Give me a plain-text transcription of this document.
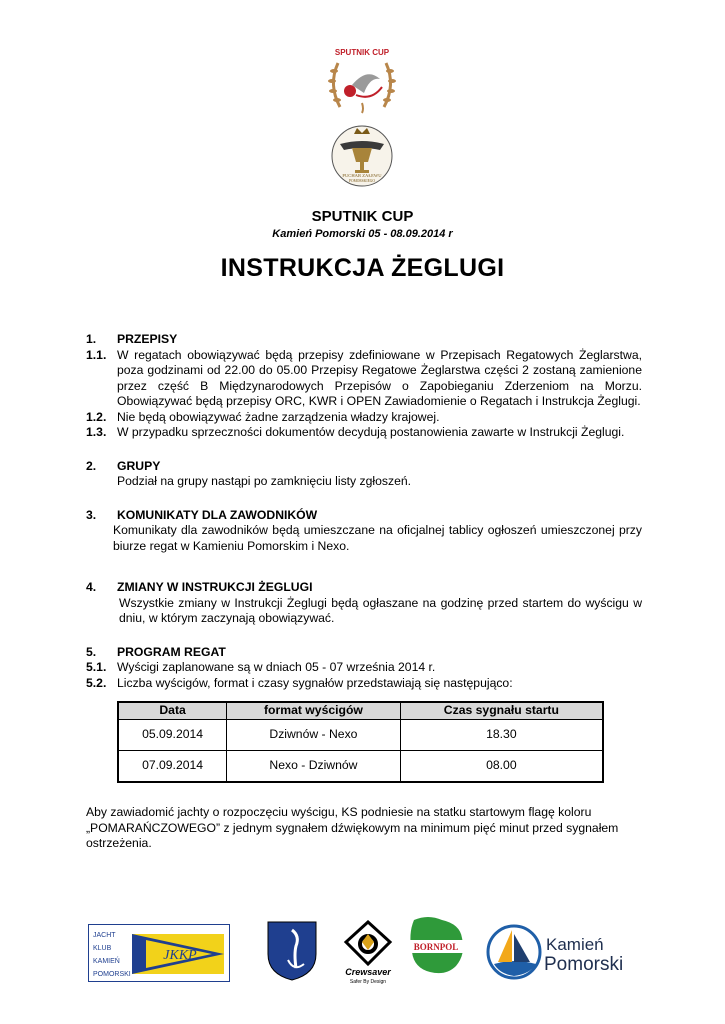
SPUTNIK CUP
PUCHAR ZAŁEWU
POMORSKIEGO
SPUTNIK CUP
Kamień Pomorski 05 - 08.09.2014 r
INSTRUKCJA ŻEGLUGI
1.	PRZEPISY
1.1. W regatach obowiązywać będą przepisy zdefiniowane w Przepisach Regatowych Żeglarstwa, poza godzinami od 22.00 do 05.00 Przepisy Regatowe Żeglarstwa części 2 zostaną zamienione przez część B Międzynarodowych Przepisów o Zapobieganiu Zderzeniom na Morzu. Obowiązywać będą przepisy ORC, KWR i OPEN Zawiadomienie o Regatach i Instrukcja Żeglugi.
1.2. Nie będą obowiązywać żadne zarządzenia władzy krajowej.
1.3. W przypadku sprzeczności dokumentów decydują postanowienia zawarte w Instrukcji Żeglugi.
2.	GRUPY
Podział na grupy nastąpi po zamknięciu listy zgłoszeń.
3.	KOMUNIKATY DLA ZAWODNIKÓW
Komunikaty dla zawodników będą umieszczane na oficjalnej tablicy ogłoszeń umieszczonej przy biurze regat w Kamieniu Pomorskim i Nexo.
4.	ZMIANY W INSTRUKCJI ŻEGLUGI
Wszystkie zmiany w Instrukcji Żeglugi będą ogłaszane na godzinę przed startem do wyścigu w dniu, w którym zaczynają obowiązywać.
5.	PROGRAM REGAT
5.1. Wyścigi zaplanowane są w dniach 05 - 07 września 2014 r.
5.2. Liczba wyścigów, format i czasy sygnałów przedstawiają się następująco:
Data	format wyścigów	Czas sygnału startu
05.09.2014	Dziwnów - Nexo	18.30
07.09.2014	Nexo - Dziwnów	08.00
Aby zawiadomić jachty o rozpoczęciu wyścigu, KS podniesie na statku startowym flagę koloru „POMARAŃCZOWEGO” z jednym sygnałem dźwiękowym na minimum pięć minut przed sygnałem ostrzeżenia.
JACHT
KLUB
KAMIEŃ
POMORSKI
JKKP
Crewsaver
Safer By Design
BORNPOL	Kamień
Pomorski
